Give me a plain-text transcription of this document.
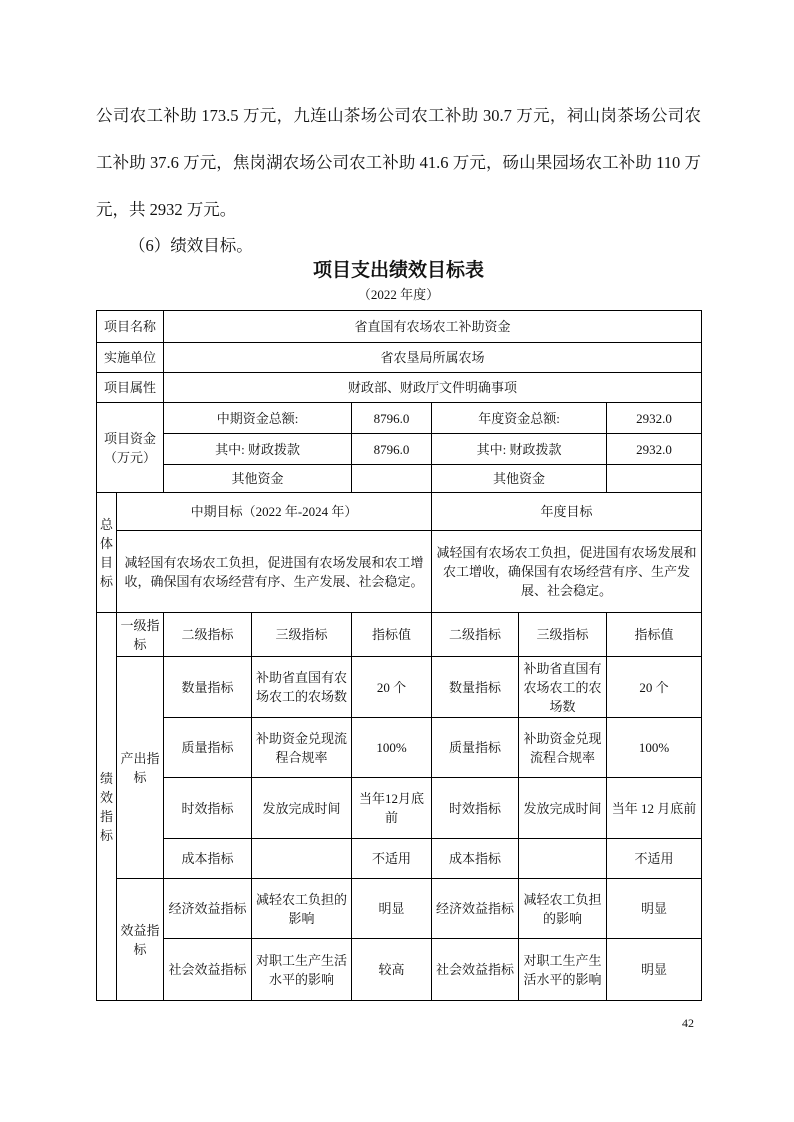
公司农工补助 173.5 万元，九连山茶场公司农工补助 30.7 万元，祠山岗茶场公司农工补助 37.6 万元，焦岗湖农场公司农工补助 41.6 万元，砀山果园场农工补助 110 万元，共 2932 万元。

（6）绩效目标。

项目支出绩效目标表
（2022 年度）
项目名称		省直国有农场农工补助资金					
实施单位		省农垦局所属农场					
项目属性		财政部、财政厅文件明确事项					

项目资金
（万元）		中期资金总额:		8796.0	年度资金总额:		2932.0
		其中: 财政拨款		8796.0	其中: 财政拨款		2932.0
		其他资金			其他资金		
总体目标	中期目标（2022 年-2024 年）				年度目标		
	减轻国有农场农工负担，促进国有农场发展和农工增收，确保国有农场经营有序、生产发展、社会稳定。				减轻国有农场农工负担，促进国有农场发展和农工增收，确保国有农场经营有序、生产发展、社会稳定。		
绩效指标	一级指标	二级指标	三级指标	指标值	二级指标	三级指标	指标值
	产出指标	数量指标	补助省直国有农场农工的农场数	20 个	数量指标	补助省直国有农场农工的农场数	20 个
		质量指标	补助资金兑现流程合规率	100%	质量指标	补助资金兑现流程合规率	100%
		时效指标	发放完成时间	当年12月底前	时效指标	发放完成时间	当年 12 月底前
		成本指标		不适用	成本指标		不适用
	效益指标	经济效益指标	减轻农工负担的影响	明显	经济效益指标	减轻农工负担的影响	明显
		社会效益指标	对职工生产生活水平的影响	较高	社会效益指标	对职工生产生活水平的影响	明显
42
